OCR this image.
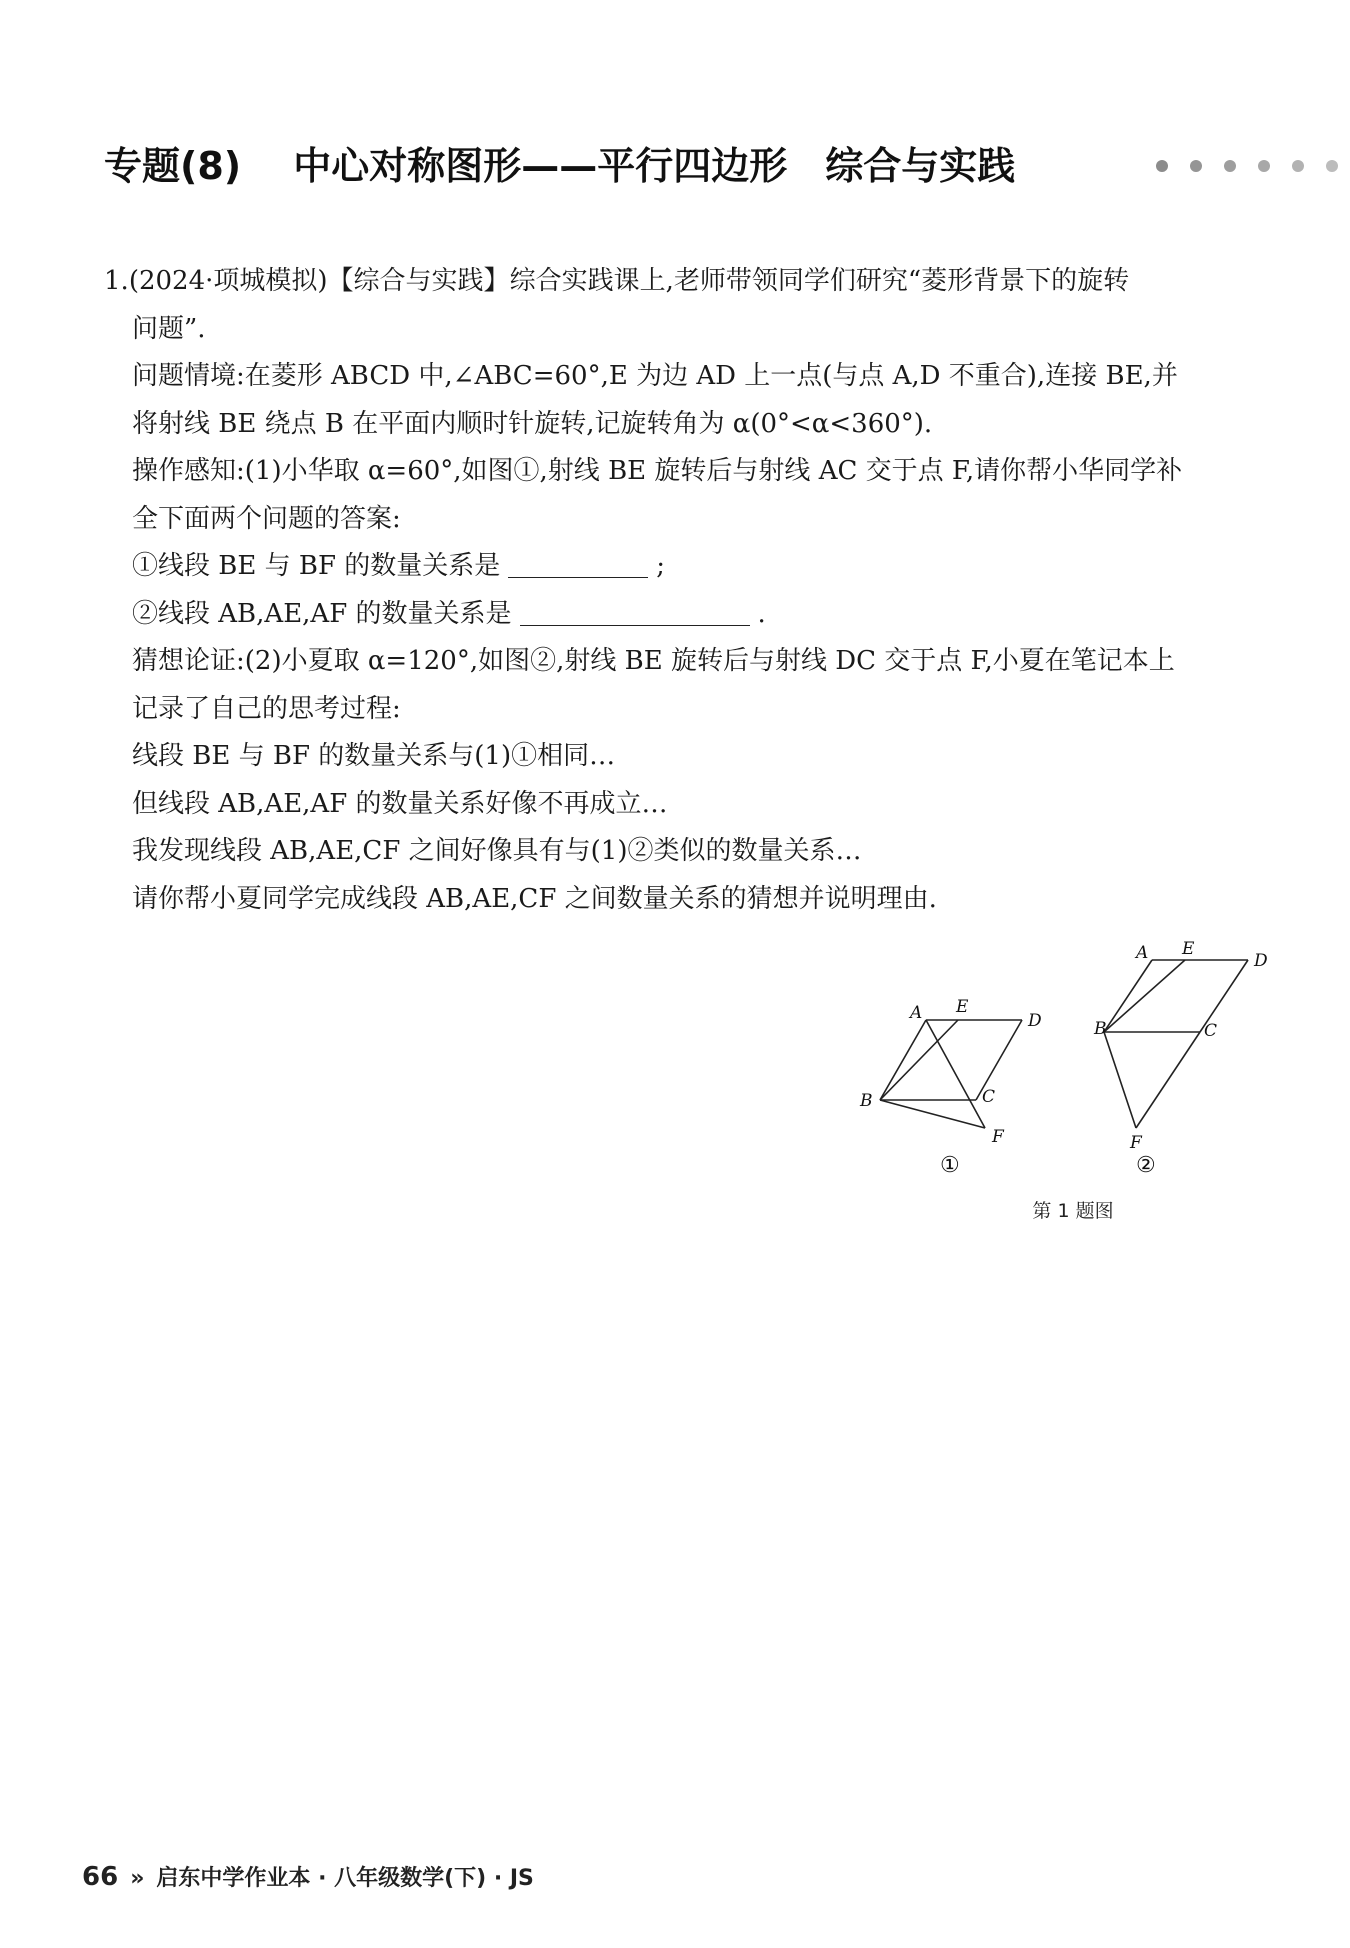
专题(8) 中心对称图形——平行四边形 综合与实践
1.(2024·项城模拟)【综合与实践】综合实践课上,老师带领同学们研究“菱形背景下的旋转
问题”.
问题情境:在菱形 ABCD 中,∠ABC=60°,E 为边 AD 上一点(与点 A,D 不重合),连接 BE,并
将射线 BE 绕点 B 在平面内顺时针旋转,记旋转角为 α(0°<α<360°).
操作感知:(1)小华取 α=60°,如图①,射线 BE 旋转后与射线 AC 交于点 F,请你帮小华同学补
全下面两个问题的答案:
①线段 BE 与 BF 的数量关系是	;
②线段 AB,AE,AF 的数量关系是	.
猜想论证:(2)小夏取 α=120°,如图②,射线 BE 旋转后与射线 DC 交于点 F,小夏在笔记本上
记录了自己的思考过程:
线段 BE 与 BF 的数量关系与(1)①相同…
但线段 AB,AE,AF 的数量关系好像不再成立…
我发现线段 AB,AE,CF 之间好像具有与(1)②类似的数量关系…
请你帮小夏同学完成线段 AB,AE,CF 之间数量关系的猜想并说明理由.
A E
D
B	C
F
①
A E
D
B	C
F
②
第 1 题图
66 » 启东中学作业本 · 八年级数学(下) · JS
